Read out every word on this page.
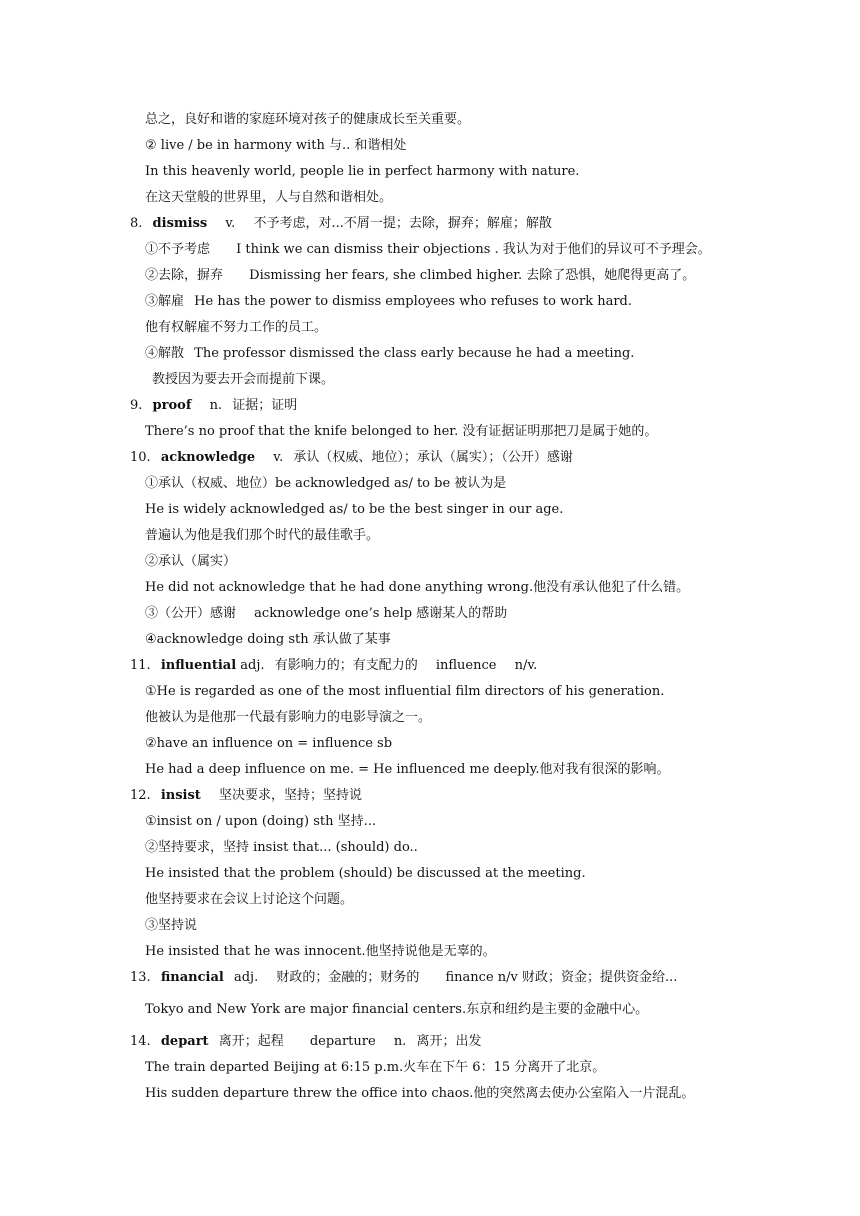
总之，良好和谐的家庭环境对孩子的健康成长至关重要。
② live / be in harmony with 与.. 和谐相处
In this heavenly world, people lie in perfect harmony with nature.
在这天堂般的世界里，人与自然和谐相处。
8. dismiss v. 不予考虑，对...不屑一提；去除，摒弃；解雇；解散
①不予考虑 I think we can dismiss their objections . 我认为对于他们的异议可不予理会。
②去除，摒弃 Dismissing her fears, she climbed higher. 去除了恐惧，她爬得更高了。
③解雇 He has the power to dismiss employees who refuses to work hard.
他有权解雇不努力工作的员工。
④解散 The professor dismissed the class early because he had a meeting.
教授因为要去开会而提前下课。
9. proof n. 证据；证明
There’s no proof that the knife belonged to her. 没有证据证明那把刀是属于她的。
10. acknowledge v. 承认（权威、地位）；承认（属实）；（公开）感谢
①承认（权威、地位）be acknowledged as/ to be 被认为是
He is widely acknowledged as/ to be the best singer in our age.
普遍认为他是我们那个时代的最佳歌手。
②承认（属实）
He did not acknowledge that he had done anything wrong.他没有承认他犯了什么错。
③（公开）感谢 acknowledge one’s help 感谢某人的帮助
④acknowledge doing sth 承认做了某事
11. influential adj. 有影响力的；有支配力的 influence n/v.
①He is regarded as one of the most influential film directors of his generation.
他被认为是他那一代最有影响力的电影导演之一。
②have an influence on = influence sb
He had a deep influence on me. = He influenced me deeply.他对我有很深的影响。
12. insist 坚决要求，坚持；坚持说
①insist on / upon (doing) sth 坚持...
②坚持要求，坚持 insist that... (should) do..
He insisted that the problem (should) be discussed at the meeting.
他坚持要求在会议上讨论这个问题。
③坚持说
He insisted that he was innocent.他坚持说他是无辜的。
13. financial adj. 财政的；金融的；财务的 finance n/v 财政；资金；提供资金给...
Tokyo and New York are major financial centers.东京和纽约是主要的金融中心。
14. depart 离开；起程 departure n. 离开；出发
The train departed Beijing at 6:15 p.m.火车在下午 6：15 分离开了北京。
His sudden departure threw the office into chaos.他的突然离去使办公室陷入一片混乱。
